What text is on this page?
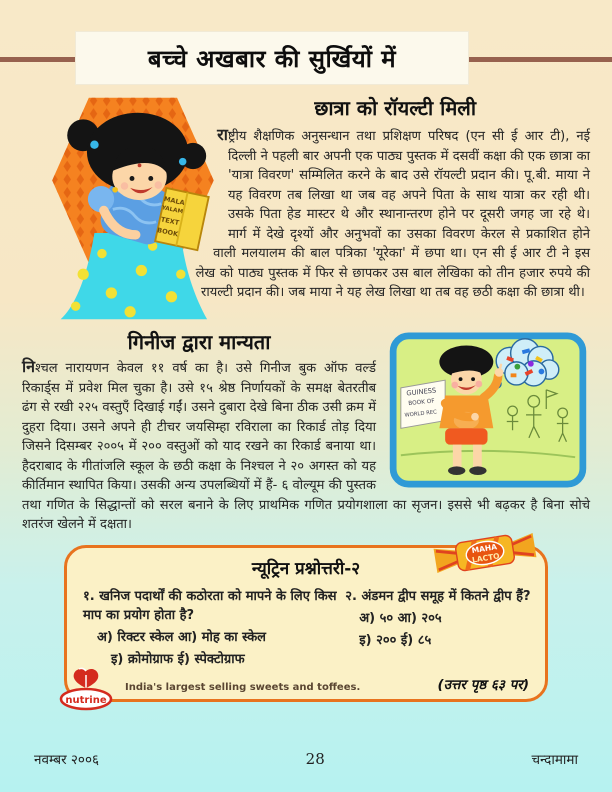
बच्चे अखबार की सुर्खियों में
MALA
YALAM
TEXT
BOOK
छात्रा को रॉयल्टी मिली

राष्ट्रीय शैक्षणिक अनुसन्धान तथा प्रशिक्षण परिषद (एन सी ई आर टी), नई दिल्ली ने पहली बार अपनी एक पाठ्य पुस्तक में दसवीं कक्षा की एक छात्रा का 'यात्रा विवरण' सम्मिलित करने के बाद उसे रॉयल्टी प्रदान की। पू.बी. माया ने यह विवरण तब लिखा था जब वह अपने पिता के साथ यात्रा कर रही थी। उसके पिता हेड मास्टर थे और स्थानान्तरण होने पर दूसरी जगह जा रहे थे। मार्ग में देखे दृश्यों और अनुभवों का उसका विवरण केरल से प्रकाशित होने वाली मलयालम की बाल पत्रिका 'यूरेका' में छपा था। एन सी ई आर टी ने इस लेख को पाठ्य पुस्तक में फिर से छापकर उस बाल लेखिका को तीन हजार रुपये की रायल्टी प्रदान की। जब माया ने यह लेख लिखा था तब वह छठी कक्षा की छात्रा थी।

GUINESS
BOOK OF
WORLD REC
गिनीज द्वारा मान्यता

निश्चल नारायणन केवल ११ वर्ष का है। उसे गिनीज बुक ऑफ वर्ल्ड रिकार्ड्स में प्रवेश मिल चुका है। उसे १५ श्रेष्ठ निर्णायकों के समक्ष बेतरतीब ढंग से रखी २२५ वस्तुएँ दिखाई गईं। उसने दुबारा देखे बिना ठीक उसी क्रम में दुहरा दिया। उसने अपने ही टीचर जयसिम्हा रविराला का रिकार्ड तोड़ दिया जिसने दिसम्बर २००५ में २०० वस्तुओं को याद रखने का रिकार्ड बनाया था। हैदराबाद के गीतांजलि स्कूल के छठी कक्षा के निश्चल ने २० अगस्त को यह कीर्तिमान स्थापित किया। उसकी अन्य उपलब्धियों में हैं- ६ वोल्यूम की पुस्तक तथा गणित के सिद्धान्तों को सरल बनाने के लिए प्राथमिक गणित प्रयोगशाला का सृजन। इससे भी बढ़कर है बिना सोचे शतरंज खेलने में दक्षता।

MAHA
LACTO
न्यूट्रिन प्रश्नोत्तरी-२

१. खनिज पदार्थों की कठोरता को मापने के लिए किस माप का प्रयोग होता है?

अ) रिक्टर स्केल आ) मोह का स्केल

इ) क्रोमोग्राफ ई) स्पेक्टोग्राफ

२. अंडमन द्वीप समूह में कितने द्वीप हैं?

अ) ५० आ) २०५

इ) २०० ई) ८५

nutrine
India's largest selling sweets and toffees.	(उत्तर पृष्ठ ६३ पर)
नवम्बर २००६	28	चन्दामामा
